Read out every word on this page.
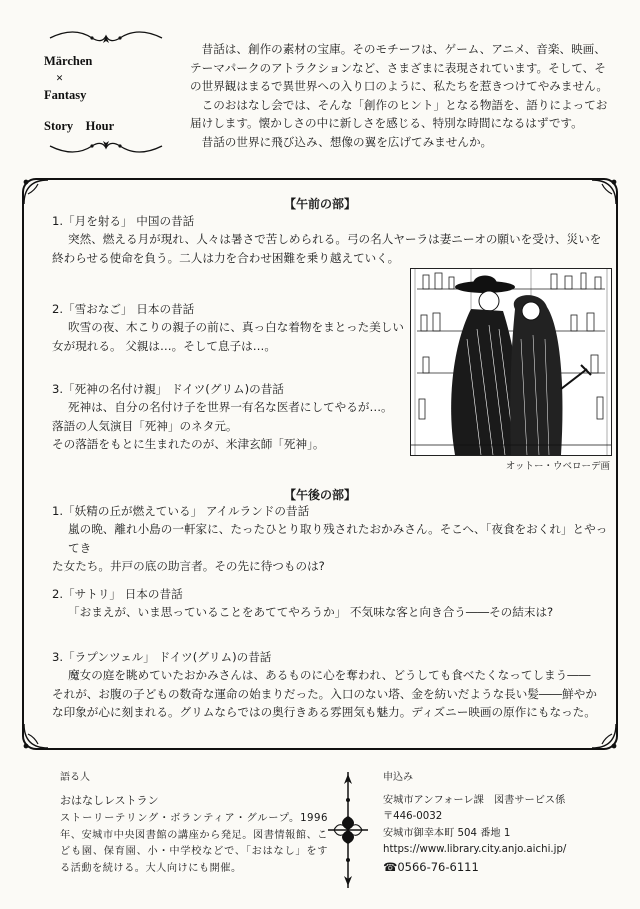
Märchen
×
Fantasy
Story　Hour

昔話は、創作の素材の宝庫。そのモチーフは、ゲーム、アニメ、音楽、映画、テーマパークのアトラクションなど、さまざまに表現されています。そして、その世界観はまるで異世界への入り口のように、私たちを惹きつけてやみません。

このおはなし会では、そんな「創作のヒント」となる物語を、語りによってお届けします。懐かしさの中に新しさを感じる、特別な時間になるはずです。

昔話の世界に飛び込み、想像の翼を広げてみませんか。

【午前の部】
1.「月を射る」 中国の昔話
突然、燃える月が現れ、人々は暑さで苦しめられる。弓の名人ヤーラは妻ニーオの願いを受け、災いを
終わらせる使命を負う。二人は力を合わせ困難を乗り越えていく。
2.「雪おなご」 日本の昔話
吹雪の夜、木こりの親子の前に、真っ白な着物をまとった美しい
女が現れる。 父親は…。そして息子は…。
3.「死神の名付け親」 ドイツ(グリム)の昔話
死神は、自分の名付け子を世界一有名な医者にしてやるが…。
落語の人気演目「死神」のネタ元。
その落語をもとに生まれたのが、米津玄師「死神」。
オットー・ウベローデ画
【午後の部】
1.「妖精の丘が燃えている」 アイルランドの昔話
嵐の晩、離れ小島の一軒家に、たったひとり取り残されたおかみさん。そこへ、「夜食をおくれ」とやってき
た女たち。井戸の底の助言者。その先に待つものは?
2.「サトリ」 日本の昔話
「おまえが、いま思っていることをあててやろうか」 不気味な客と向き合う――その結末は?
3.「ラプンツェル」 ドイツ(グリム)の昔話
魔女の庭を眺めていたおかみさんは、あるものに心を奪われ、どうしても食べたくなってしまう――
それが、お腹の子どもの数奇な運命の始まりだった。入口のない塔、金を紡いだような長い髪――鮮やか
な印象が心に刻まれる。グリムならではの奥行きある雰囲気も魅力。ディズニー映画の原作にもなった。
語る人
おはなしレストラン
ストーリーテリング・ボランティア・グループ。1996 年、安城市中央図書館の講座から発足。図書情報館、こども園、保育園、小・中学校などで、「おはなし」をする活動を続ける。大人向けにも開催。
申込み
安城市アンフォーレ課　図書サービス係
〒446-0032
安城市御幸本町 504 番地 1
https://www.library.city.anjo.aichi.jp/
☎0566-76-6111
